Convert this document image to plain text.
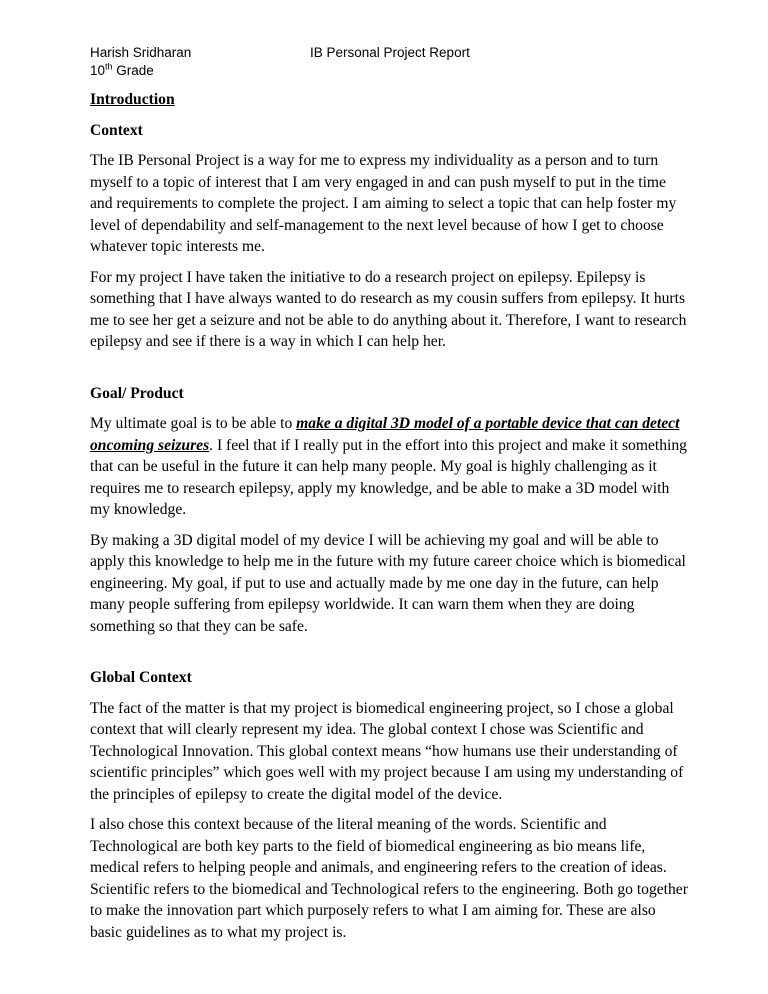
Harish Sridharan
10th Grade
IB Personal Project Report
Introduction
Context

The IB Personal Project is a way for me to express my individuality as a person and to turn myself to a topic of interest that I am very engaged in and can push myself to put in the time and requirements to complete the project. I am aiming to select a topic that can help foster my level of dependability and self-management to the next level because of how I get to choose whatever topic interests me.

For my project I have taken the initiative to do a research project on epilepsy. Epilepsy is something that I have always wanted to do research as my cousin suffers from epilepsy. It hurts me to see her get a seizure and not be able to do anything about it. Therefore, I want to research epilepsy and see if there is a way in which I can help her.

Goal/ Product

My ultimate goal is to be able to make a digital 3D model of a portable device that can detect oncoming seizures. I feel that if I really put in the effort into this project and make it something that can be useful in the future it can help many people. My goal is highly challenging as it requires me to research epilepsy, apply my knowledge, and be able to make a 3D model with my knowledge.

By making a 3D digital model of my device I will be achieving my goal and will be able to apply this knowledge to help me in the future with my future career choice which is biomedical engineering. My goal, if put to use and actually made by me one day in the future, can help many people suffering from epilepsy worldwide. It can warn them when they are doing something so that they can be safe.

Global Context

The fact of the matter is that my project is biomedical engineering project, so I chose a global context that will clearly represent my idea. The global context I chose was Scientific and Technological Innovation. This global context means “how humans use their understanding of scientific principles” which goes well with my project because I am using my understanding of the principles of epilepsy to create the digital model of the device.

I also chose this context because of the literal meaning of the words. Scientific and Technological are both key parts to the field of biomedical engineering as bio means life, medical refers to helping people and animals, and engineering refers to the creation of ideas. Scientific refers to the biomedical and Technological refers to the engineering. Both go together to make the innovation part which purposely refers to what I am aiming for. These are also basic guidelines as to what my project is.
